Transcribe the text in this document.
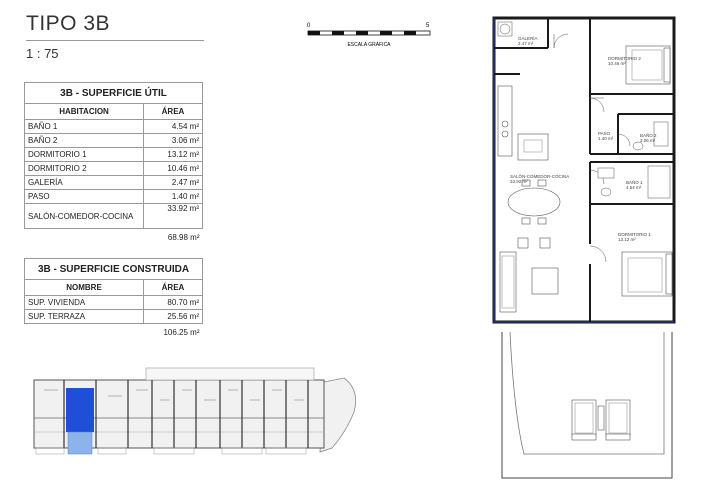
TIPO 3B
1 : 75
0	5
ESCALA GRÁFICA
3B - SUPERFICIE ÚTIL	
HABITACION	ÁREA
BAÑO 1	4.54 m²
BAÑO 2	3.06 m²
DORMITORIO 1	13.12 m²
DORMITORIO 2	10.46 m²
GALERÍA	2.47 m²
PASO	1.40 m²
SALÓN-COMEDOR-COCINA	33.92 m²
	68.98 m²
3B - SUPERFICIE CONSTRUIDA	
NOMBRE	ÁREA
SUP. VIVIENDA	80.70 m²
SUP. TERRAZA	25.56 m²
	106.25 m²
GALERÍA
2.47 m²
DORMITORIO 2
10.46 m²
PASO
1.40 m²
BAÑO 2
3.06 m²
SALÓN-COMEDOR-COCINA
33.92 m²	BAÑO 1
4.54 m²
DORMITORIO 1
13.12 m²
